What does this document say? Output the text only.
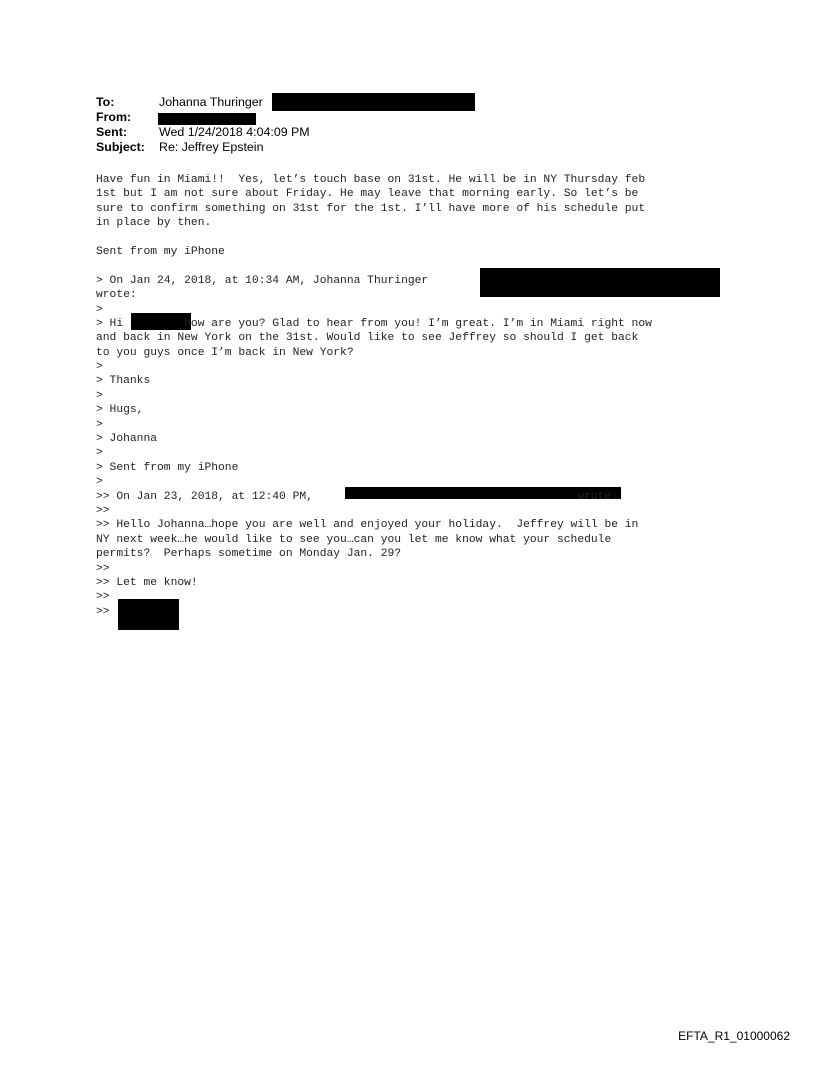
To:	Johanna Thuringer
From:
Sent:	Wed 1/24/2018 4:04:09 PM
Subject: Re: Jeffrey Epstein
Have fun in Miami!!  Yes, let’s touch base on 31st. He will be in NY Thursday feb
1st but I am not sure about Friday. He may leave that morning early. So let’s be
sure to confirm something on 31st for the 1st. I’ll have more of his schedule put
in place by then.
Sent from my iPhone
> On Jan 24, 2018, at 10:34 AM, Johanna Thuringer
wrote:
>
> Hi         how are you? Glad to hear from you! I’m great. I’m in Miami right now
and back in New York on the 31st. Would like to see Jeffrey so should I get back
to you guys once I’m back in New York?
>
> Thanks
>
> Hugs,
>
> Johanna
>
> Sent from my iPhone
>
>> On Jan 23, 2018, at 12:40 PM,                                       wrote:
>>
>> Hello Johanna…hope you are well and enjoyed your holiday.  Jeffrey will be in
NY next week…he would like to see you…can you let me know what your schedule
permits?  Perhaps sometime on Monday Jan. 29?
>>
>> Let me know!
>>
>>
EFTA_R1_01000062
